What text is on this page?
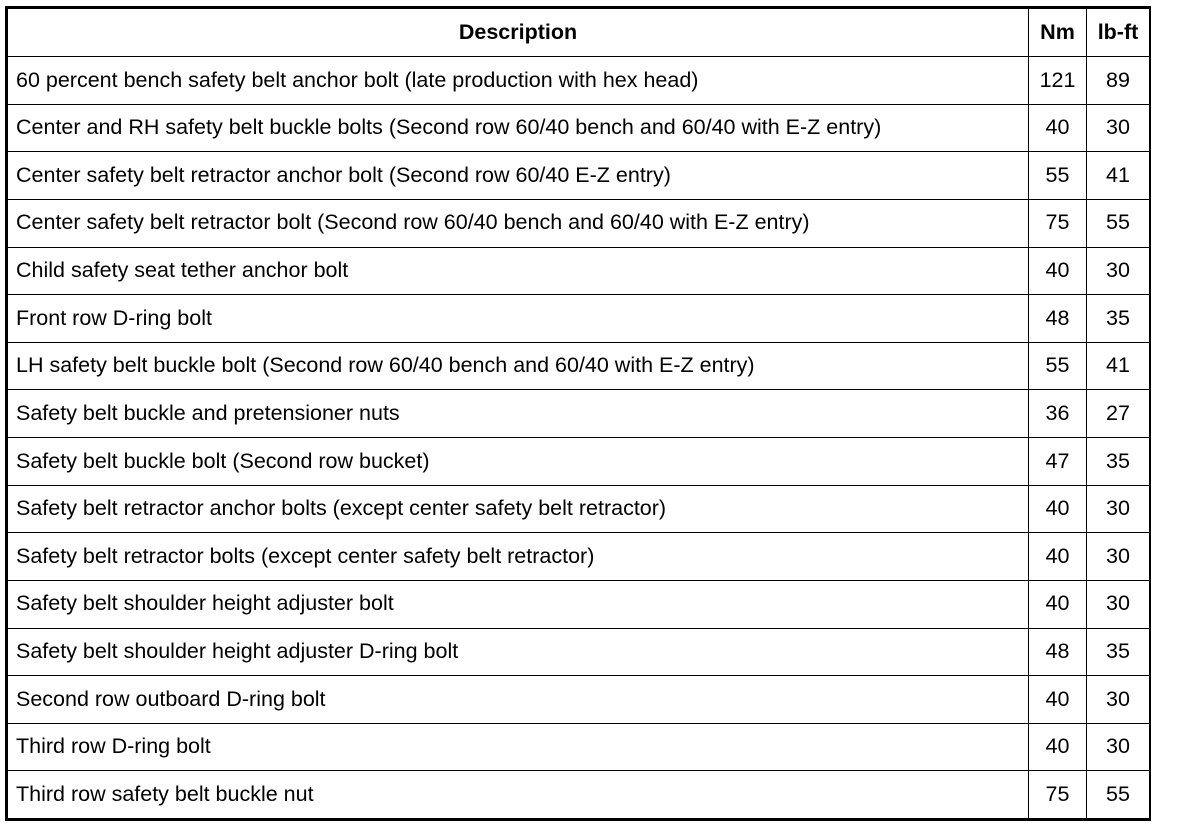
Description	Nm	lb-ft
60 percent bench safety belt anchor bolt (late production with hex head)	121	89
Center and RH safety belt buckle bolts (Second row 60/40 bench and 60/40 with E-Z entry)	40	30
Center safety belt retractor anchor bolt (Second row 60/40 E-Z entry)	55	41
Center safety belt retractor bolt (Second row 60/40 bench and 60/40 with E-Z entry)	75	55
Child safety seat tether anchor bolt	40	30
Front row D-ring bolt	48	35
LH safety belt buckle bolt (Second row 60/40 bench and 60/40 with E-Z entry)	55	41
Safety belt buckle and pretensioner nuts	36	27
Safety belt buckle bolt (Second row bucket)	47	35
Safety belt retractor anchor bolts (except center safety belt retractor)	40	30
Safety belt retractor bolts (except center safety belt retractor)	40	30
Safety belt shoulder height adjuster bolt	40	30
Safety belt shoulder height adjuster D-ring bolt	48	35
Second row outboard D-ring bolt	40	30
Third row D-ring bolt	40	30
Third row safety belt buckle nut	75	55
